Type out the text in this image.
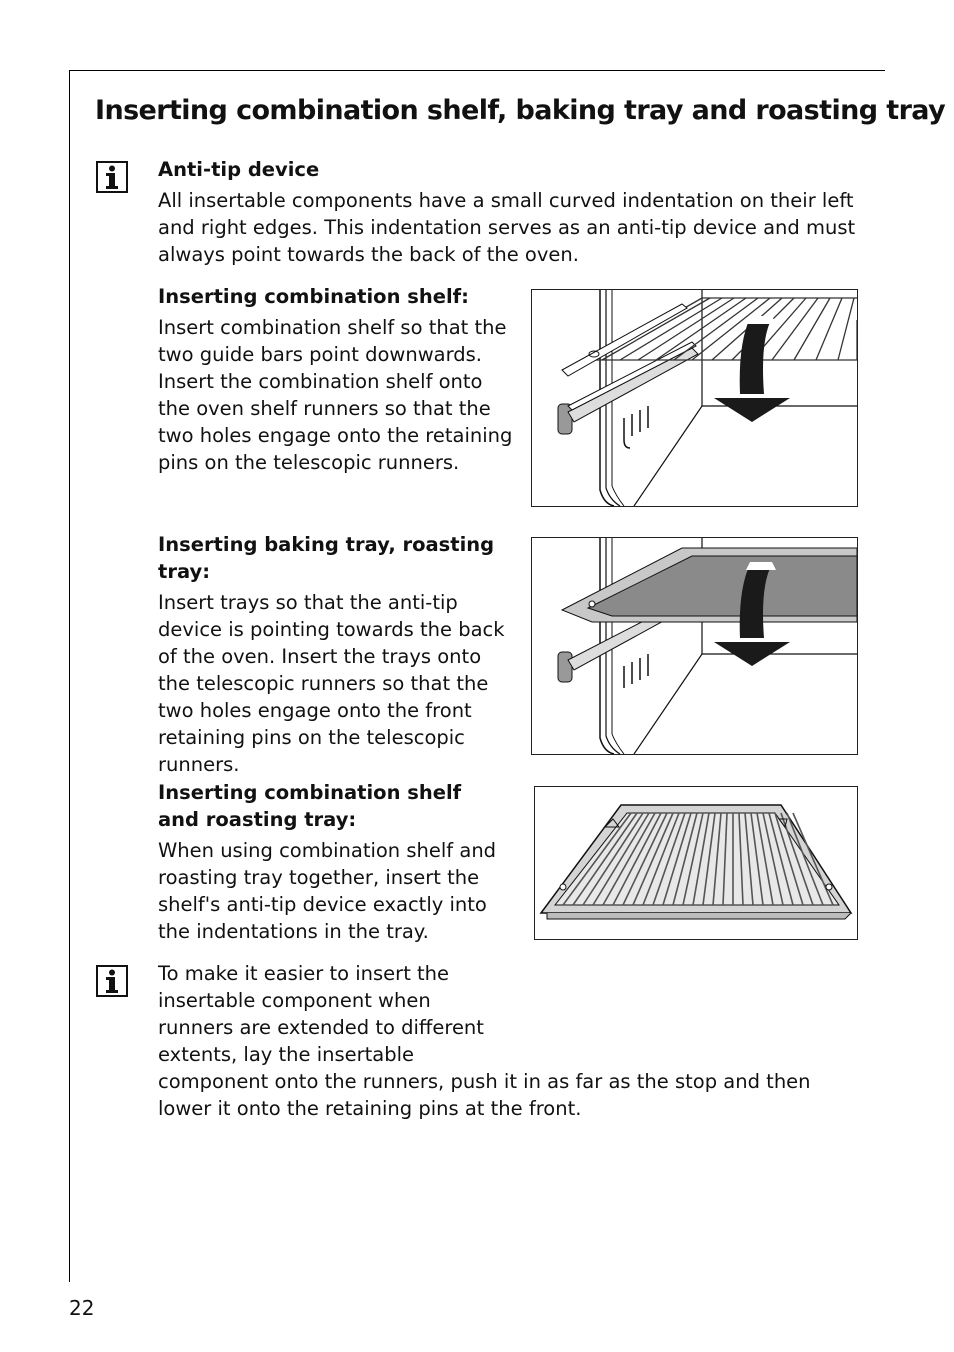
Inserting combination shelf, baking tray and roasting tray
Anti-tip device

All insertable components have a small curved indentation on their left and right edges. This indentation serves as an anti-tip device and must always point towards the back of the oven.

Inserting combination shelf:

Insert combination shelf so that the two guide bars point downwards. Insert the combination shelf onto the oven shelf runners so that the two holes engage onto the retaining pins on the telescopic runners.

Inserting baking tray, roasting tray:

Insert trays so that the anti-tip device is pointing towards the back of the oven. Insert the trays onto the telescopic runners so that the two holes engage onto the front retaining pins on the telescopic runners.

Inserting combination shelf and roasting tray:

When using combination shelf and roasting tray together, insert the shelf's anti-tip device exactly into the indentations in the tray.

To make it easier to insert the insertable component when runners are extended to different extents, lay the insertable component onto the runners, push it in as far as the stop and then lower it onto the retaining pins at the front.

22
